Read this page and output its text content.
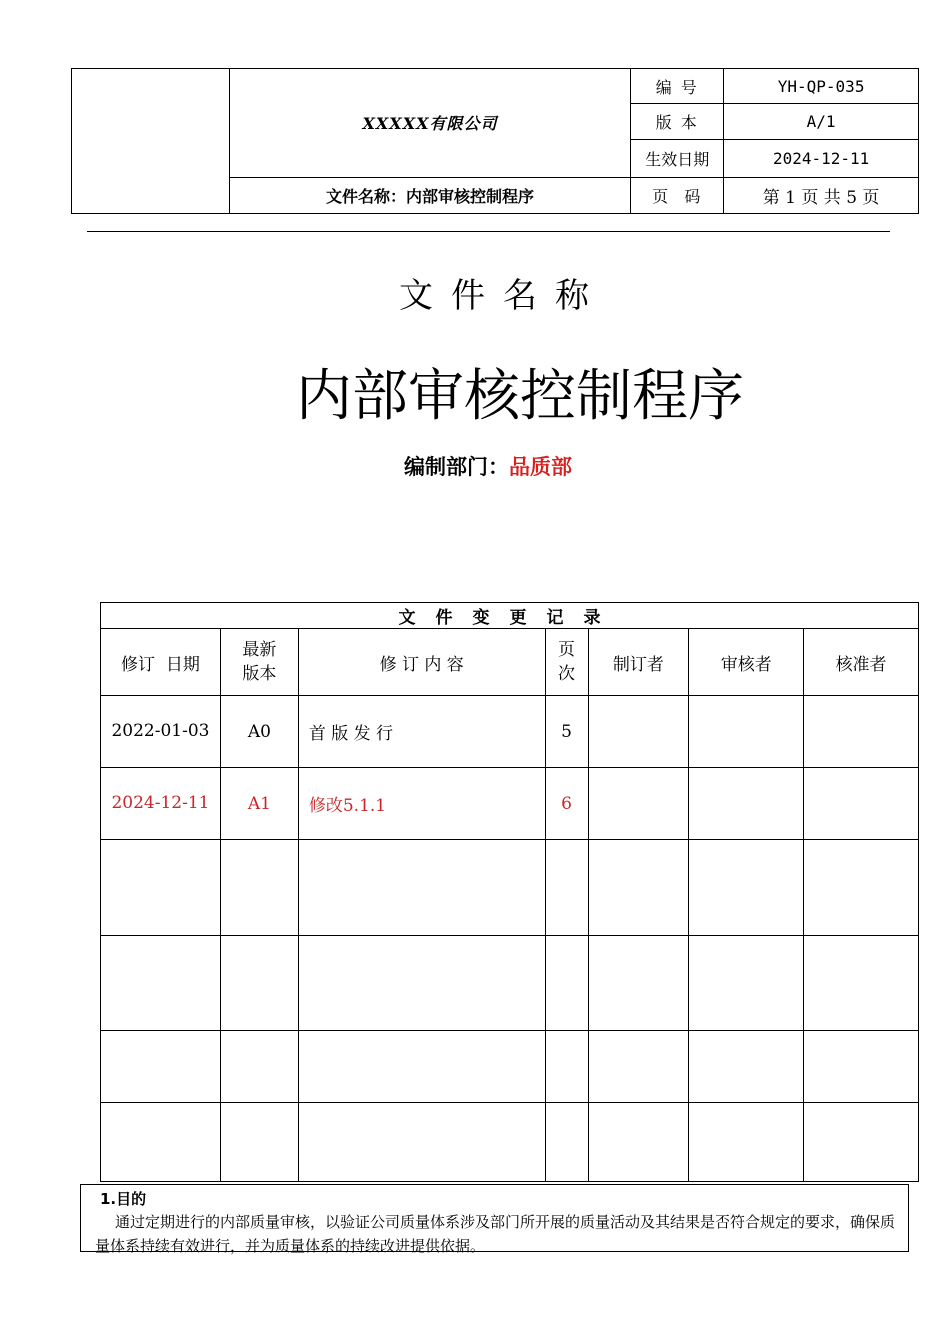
	XXXXX有限公司	编 号	YH-QP-035
		版 本	A/1
		生效日期	2024-12-11
	文件名称：内部审核控制程序	页  码	第 1 页 共 5 页
文件名称
内部审核控制程序
编制部门：品质部
文件变更记录						
修订  日期	最新版本	修 订 内 容	页次	制订者	审核者	核准者
2022-01-03	A0	首 版 发 行	5			
2024-12-11	A1	修改5.1.1	6			

1.目的
通过定期进行的内部质量审核，以验证公司质量体系涉及部门所开展的质量活动及其结果是否符合规定的要求，确保质量体系持续有效进行，并为质量体系的持续改进提供依据。
